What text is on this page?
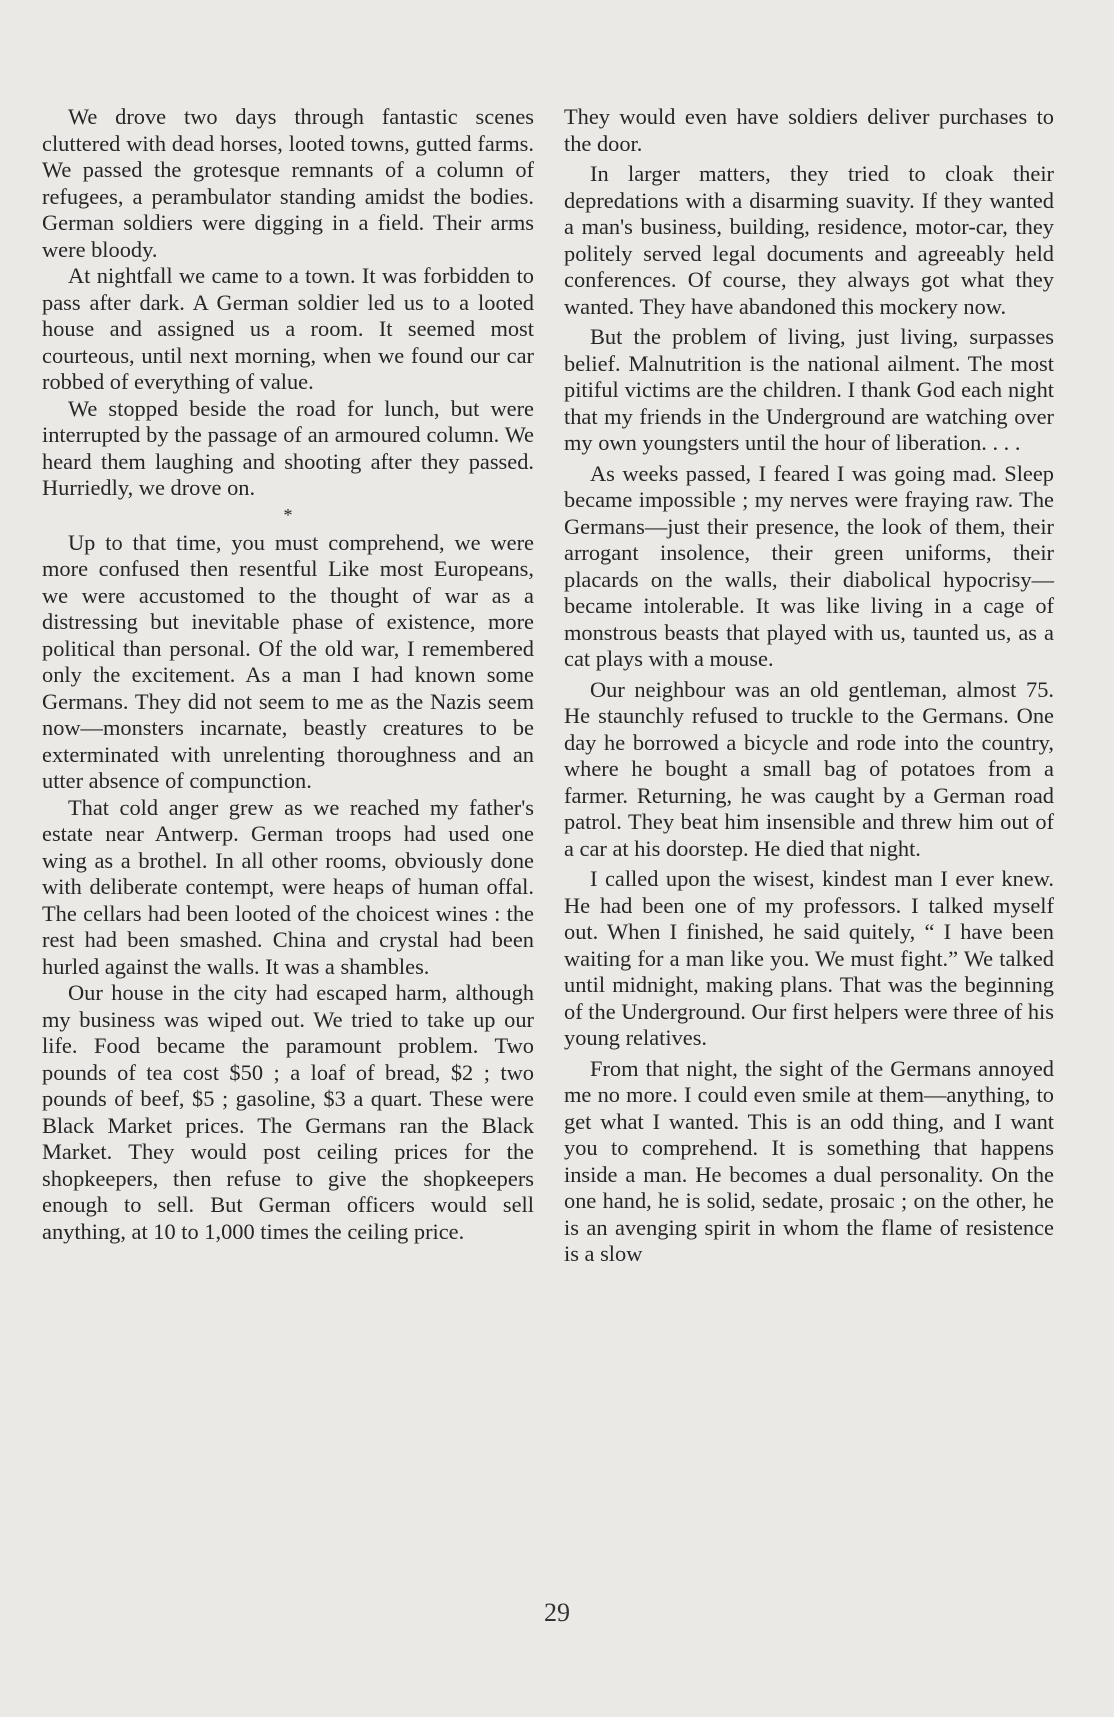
We drove two days through fantastic scenes cluttered with dead horses, looted towns, gutted farms. We passed the grotesque remnants of a column of refugees, a perambulator standing amidst the bodies. German soldiers were digging in a field. Their arms were bloody.

At nightfall we came to a town. It was forbidden to pass after dark. A German soldier led us to a looted house and assigned us a room. It seemed most courteous, until next morning, when we found our car robbed of everything of value.

We stopped beside the road for lunch, but were interrupted by the passage of an armoured column. We heard them laughing and shooting after they passed. Hurriedly, we drove on.

*

Up to that time, you must comprehend, we were more confused then resentful Like most Europeans, we were accustomed to the thought of war as a distressing but inevitable phase of existence, more political than personal. Of the old war, I remembered only the excitement. As a man I had known some Germans. They did not seem to me as the Nazis seem now—monsters incarnate, beastly creatures to be exterminated with unrelenting thoroughness and an utter absence of compunction.

That cold anger grew as we reached my father's estate near Antwerp. German troops had used one wing as a brothel. In all other rooms, obviously done with deliberate contempt, were heaps of human offal. The cellars had been looted of the choicest wines : the rest had been smashed. China and crystal had been hurled against the walls. It was a shambles.

Our house in the city had escaped harm, although my business was wiped out. We tried to take up our life. Food became the paramount problem. Two pounds of tea cost $50 ; a loaf of bread, $2 ; two pounds of beef, $5 ; gasoline, $3 a quart. These were Black Market prices. The Germans ran the Black Market. They would post ceiling prices for the shopkeepers, then refuse to give the shopkeepers enough to sell. But German officers would sell anything, at 10 to 1,000 times the ceiling price.

They would even have soldiers deliver purchases to the door.

In larger matters, they tried to cloak their depredations with a disarming suavity. If they wanted a man's business, building, residence, motor-car, they politely served legal documents and agreeably held conferences. Of course, they always got what they wanted. They have abandoned this mockery now.

But the problem of living, just living, surpasses belief. Malnutrition is the national ailment. The most pitiful victims are the children. I thank God each night that my friends in the Underground are watching over my own youngsters until the hour of liberation. . . .

As weeks passed, I feared I was going mad. Sleep became impossible ; my nerves were fraying raw. The Germans—just their presence, the look of them, their arrogant insolence, their green uniforms, their placards on the walls, their diabolical hypocrisy—became intolerable. It was like living in a cage of monstrous beasts that played with us, taunted us, as a cat plays with a mouse.

Our neighbour was an old gentleman, almost 75. He staunchly refused to truckle to the Germans. One day he borrowed a bicycle and rode into the country, where he bought a small bag of potatoes from a farmer. Returning, he was caught by a German road patrol. They beat him insensible and threw him out of a car at his doorstep. He died that night.

I called upon the wisest, kindest man I ever knew. He had been one of my professors. I talked myself out. When I finished, he said quitely, “ I have been waiting for a man like you. We must fight.” We talked until midnight, making plans. That was the beginning of the Underground. Our first helpers were three of his young relatives.

From that night, the sight of the Germans annoyed me no more. I could even smile at them—anything, to get what I wanted. This is an odd thing, and I want you to comprehend. It is something that happens inside a man. He becomes a dual personality. On the one hand, he is solid, sedate, prosaic ; on the other, he is an avenging spirit in whom the flame of resistence is a slow

29
